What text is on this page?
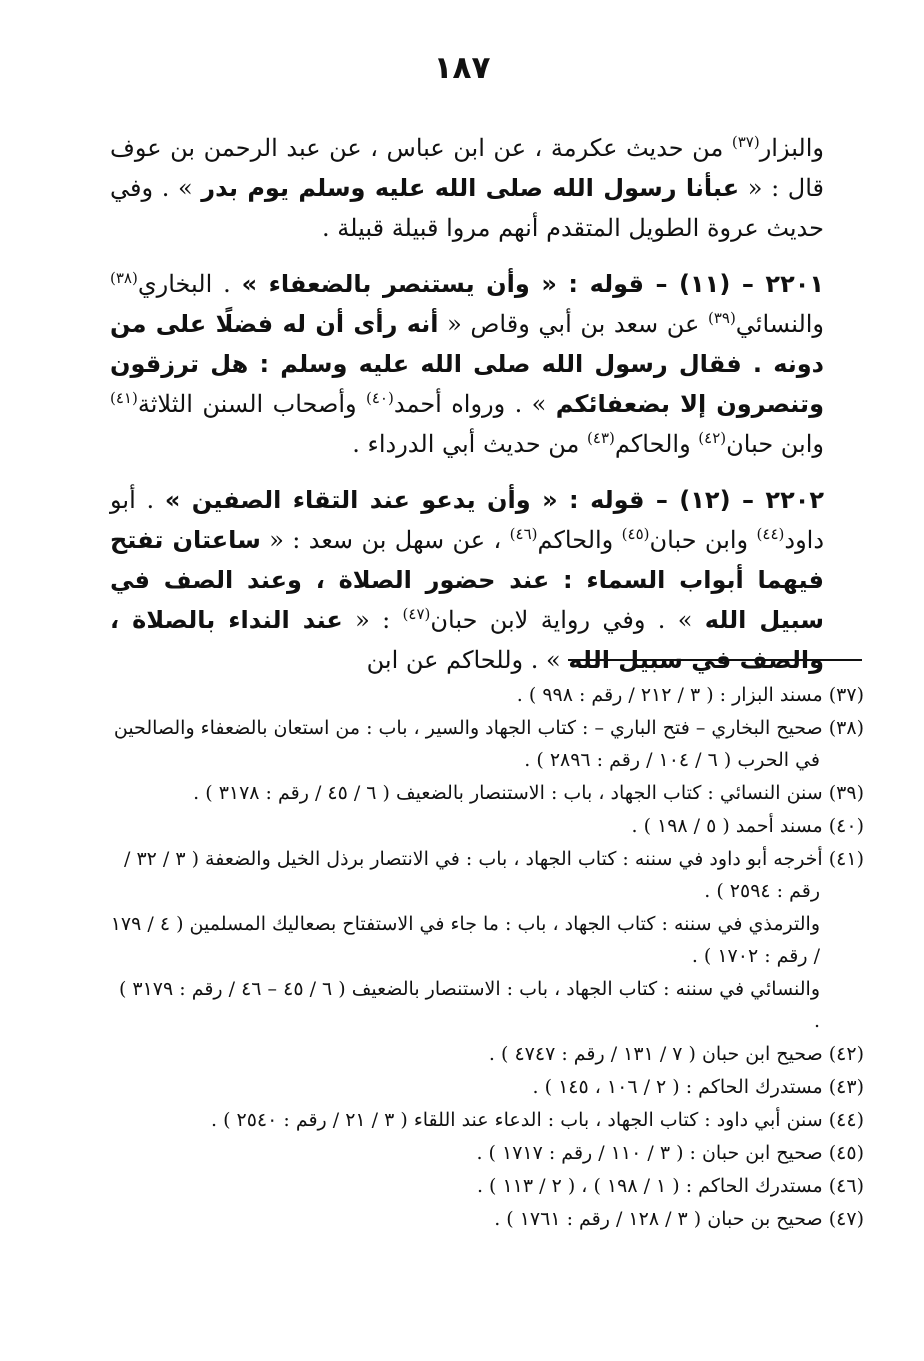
١٨٧

والبزار$^{(٣٧)}$ من حديث عكرمة ، عن ابن عباس ، عن عبد الرحمن بن عوف قال : « عبأنا رسول الله صلى الله عليه وسلم يوم بدر » . وفي حديث عروة الطويل المتقدم أنهم مروا قبيلة قبيلة .

٢٢٠١ – (١١) – قوله : « وأن يستنصر بالضعفاء » . البخاري$^{(٣٨)}$ والنسائي$^{(٣٩)}$ عن سعد بن أبي وقاص « أنه رأى أن له فضلًا على من دونه . فقال رسول الله صلى الله عليه وسلم : هل ترزقون وتنصرون إلا بضعفائكم » . ورواه أحمد$^{(٤٠)}$ وأصحاب السنن الثلاثة$^{(٤١)}$ وابن حبان$^{(٤٢)}$ والحاكم$^{(٤٣)}$ من حديث أبي الدرداء .

٢٢٠٢ – (١٢) – قوله : « وأن يدعو عند التقاء الصفين » . أبو داود$^{(٤٤)}$ وابن حبان$^{(٤٥)}$ والحاكم$^{(٤٦)}$ ، عن سهل بن سعد : « ساعتان تفتح فيهما أبواب السماء : عند حضور الصلاة ، وعند الصف في سبيل الله » . وفي رواية لابن حبان$^{(٤٧)}$ : « عند النداء بالصلاة ، والصف في سبيل الله » . وللحاكم عن ابن

(٣٧) مسند البزار : ( ٣ / ٢١٢ / رقم : ٩٩٨ ) .
(٣٨) صحيح البخاري – فتح الباري – : كتاب الجهاد والسير ، باب : من استعان بالضعفاء والصالحين في الحرب ( ٦ / ١٠٤ / رقم : ٢٨٩٦ ) .
(٣٩) سنن النسائي : كتاب الجهاد ، باب : الاستنصار بالضعيف ( ٦ / ٤٥ / رقم : ٣١٧٨ ) .
(٤٠) مسند أحمد ( ٥ / ١٩٨ ) .
(٤١) أخرجه أبو داود في سننه : كتاب الجهاد ، باب : في الانتصار برذل الخيل والضعفة ( ٣ / ٣٢ / رقم : ٢٥٩٤ ) .
والترمذي في سننه : كتاب الجهاد ، باب : ما جاء في الاستفتاح بصعاليك المسلمين ( ٤ / ١٧٩ / رقم : ١٧٠٢ ) .
والنسائي في سننه : كتاب الجهاد ، باب : الاستنصار بالضعيف ( ٦ / ٤٥ – ٤٦ / رقم : ٣١٧٩ ) .
(٤٢) صحيح ابن حبان ( ٧ / ١٣١ / رقم : ٤٧٤٧ ) .
(٤٣) مستدرك الحاكم : ( ٢ / ١٠٦ ، ١٤٥ ) .
(٤٤) سنن أبي داود : كتاب الجهاد ، باب : الدعاء عند اللقاء ( ٣ / ٢١ / رقم : ٢٥٤٠ ) .
(٤٥) صحيح ابن حبان : ( ٣ / ١١٠ / رقم : ١٧١٧ ) .
(٤٦) مستدرك الحاكم : ( ١ / ١٩٨ ) ، ( ٢ / ١١٣ ) .
(٤٧) صحيح بن حبان ( ٣ / ١٢٨ / رقم : ١٧٦١ ) .
